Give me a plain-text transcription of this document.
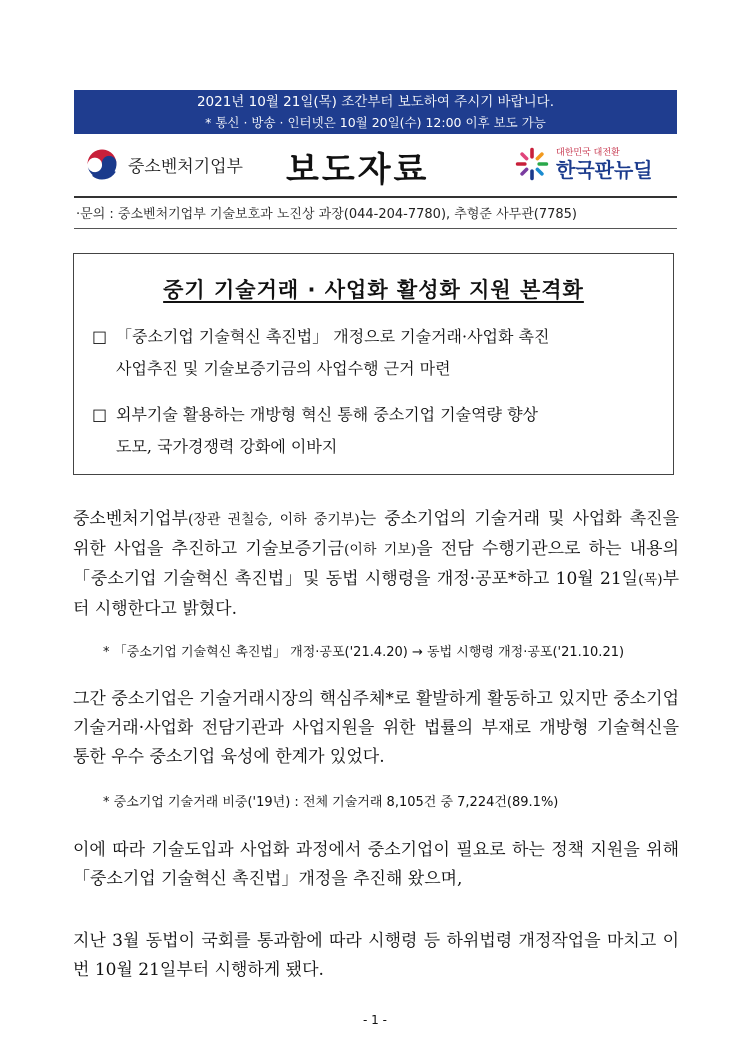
2021년 10월 21일(목) 조간부터 보도하여 주시기 바랍니다.
* 통신 · 방송 · 인터넷은 10월 20일(수) 12:00 이후 보도 가능
중소벤처기업부 보도자료	대한민국 대전환
한국판뉴딜
·문의 : 중소벤처기업부 기술보호과 노진상 과장(044-204-7780), 추형준 사무관(7785)
중기 기술거래 · 사업화 활성화 지원 본격화
□ 「중소기업 기술혁신 촉진법」 개정으로 기술거래·사업화 촉진
사업추진 및 기술보증기금의 사업수행 근거 마련
□ 외부기술 활용하는 개방형 혁신 통해 중소기업 기술역량 향상
도모, 국가경쟁력 강화에 이바지
중소벤처기업부(장관 권칠승, 이하 중기부)는 중소기업의 기술거래 및 사업화 촉진을 위한 사업을 추진하고 기술보증기금(이하 기보)을 전담 수행기관으로 하는 내용의「중소기업 기술혁신 촉진법」및 동법 시행령을 개정·공포*하고 10월 21일(목)부터 시행한다고 밝혔다.
* 「중소기업 기술혁신 촉진법」 개정·공포('21.4.20) → 동법 시행령 개정·공포('21.10.21)
그간 중소기업은 기술거래시장의 핵심주체*로 활발하게 활동하고 있지만 중소기업 기술거래·사업화 전담기관과 사업지원을 위한 법률의 부재로 개방형 기술혁신을 통한 우수 중소기업 육성에 한계가 있었다.
* 중소기업 기술거래 비중('19년) : 전체 기술거래 8,105건 중 7,224건(89.1%)
이에 따라 기술도입과 사업화 과정에서 중소기업이 필요로 하는 정책 지원을 위해「중소기업 기술혁신 촉진법」개정을 추진해 왔으며,
지난 3월 동법이 국회를 통과함에 따라 시행령 등 하위법령 개정작업을 마치고 이번 10월 21일부터 시행하게 됐다.
- 1 -
